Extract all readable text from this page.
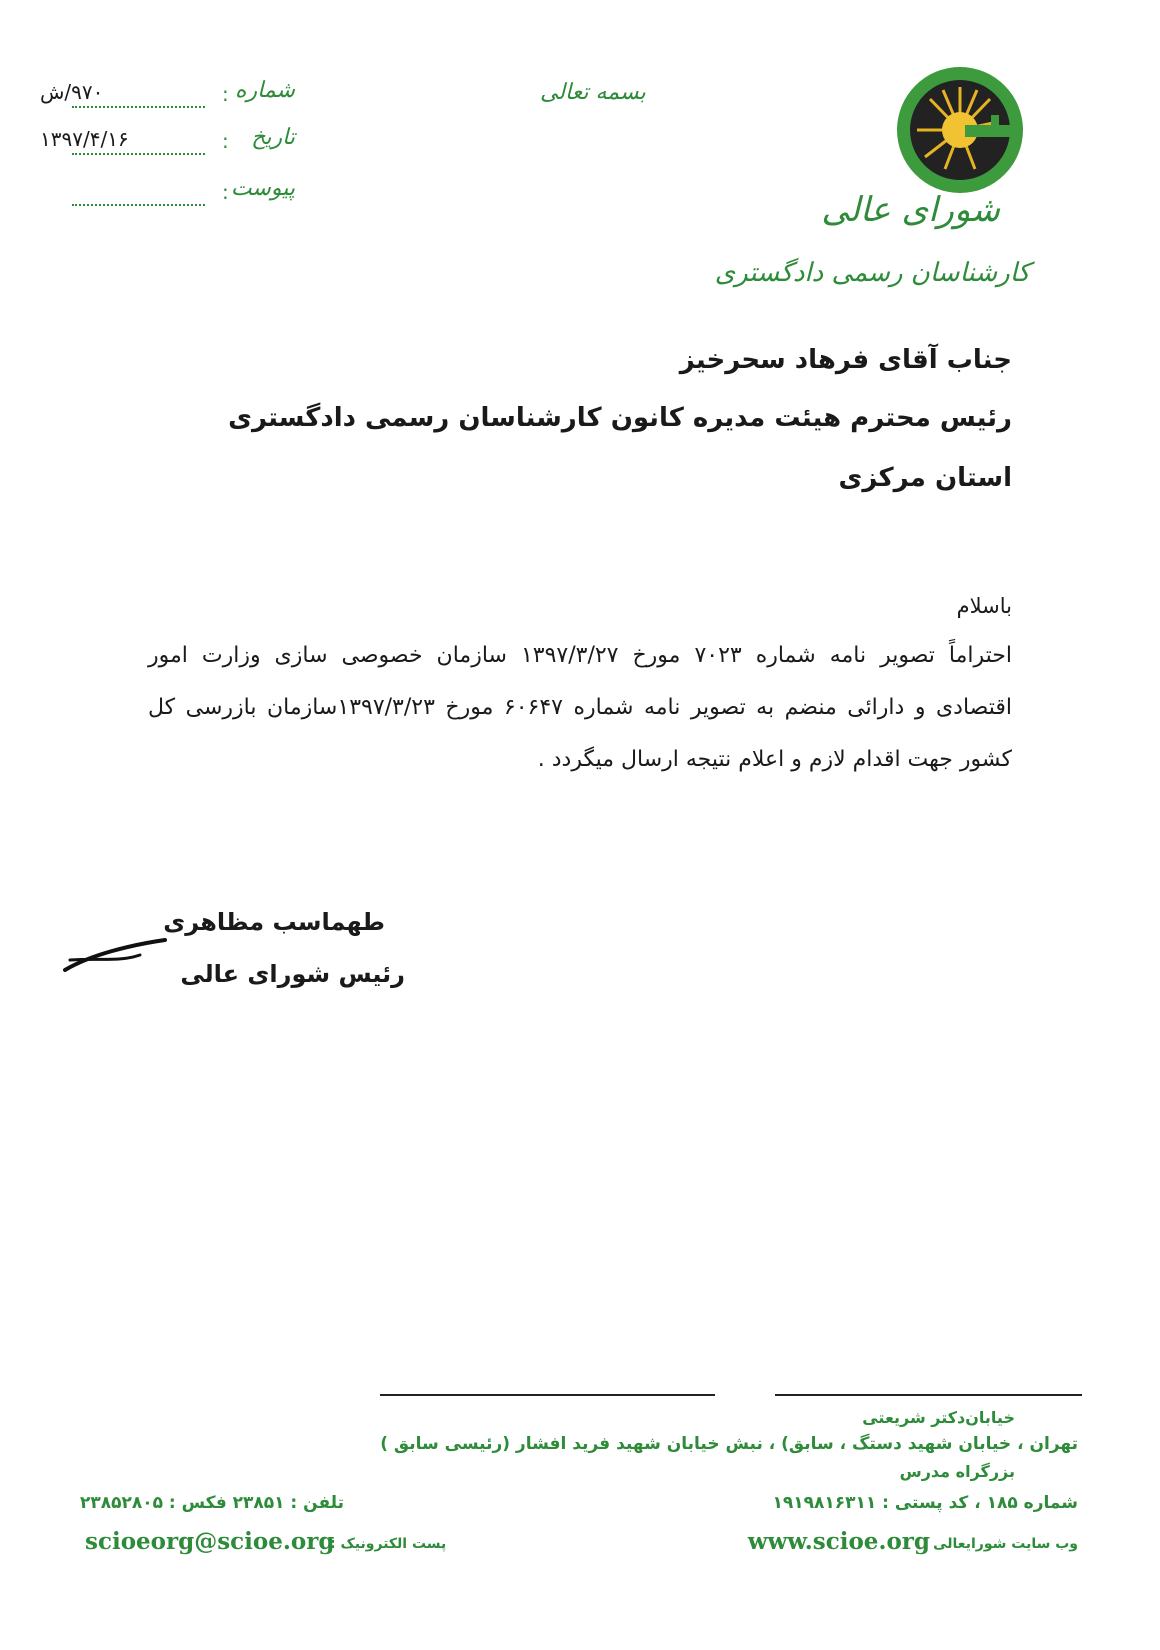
شورای عالی
کارشناسان رسمی دادگستری
بسمه تعالی
شماره
:
۹۷۰/ش
تاریخ
:
۱۳۹۷/۴/۱۶
پیوست
:
جناب آقای فرهاد سحرخیز
رئیس محترم هیئت مدیره کانون کارشناسان رسمی دادگستری
استان مرکزی
باسلام
احتراماً تصویر نامه شماره ۷۰۲۳ مورخ ۱۳۹۷/۳/۲۷ سازمان خصوصی سازی وزارت امور اقتصادی و دارائی منضم به تصویر نامه شماره ۶۰۶۴۷ مورخ ۱۳۹۷/۳/۲۳سازمان بازرسی کل کشور جهت اقدام لازم و اعلام نتیجه ارسال میگردد .
طهماسب مظاهری
رئیس شورای عالی
خیابان‌دکتر شریعتی
تهران ، خیابان شهید دستگ ، سابق) ، نبش خیابان شهید فرید افشار (رئیسی سابق )
بزرگراه مدرس
شماره ۱۸۵ ، کد پستی : ۱۹۱۹۸۱۶۳۱۱
تلفن : ۲۳۸۵۱ فکس : ۲۳۸۵۲۸۰۵
وب سایت شورایعالی :
www.scioe.org
پست الکترونیک :
scioeorg@scioe.org
